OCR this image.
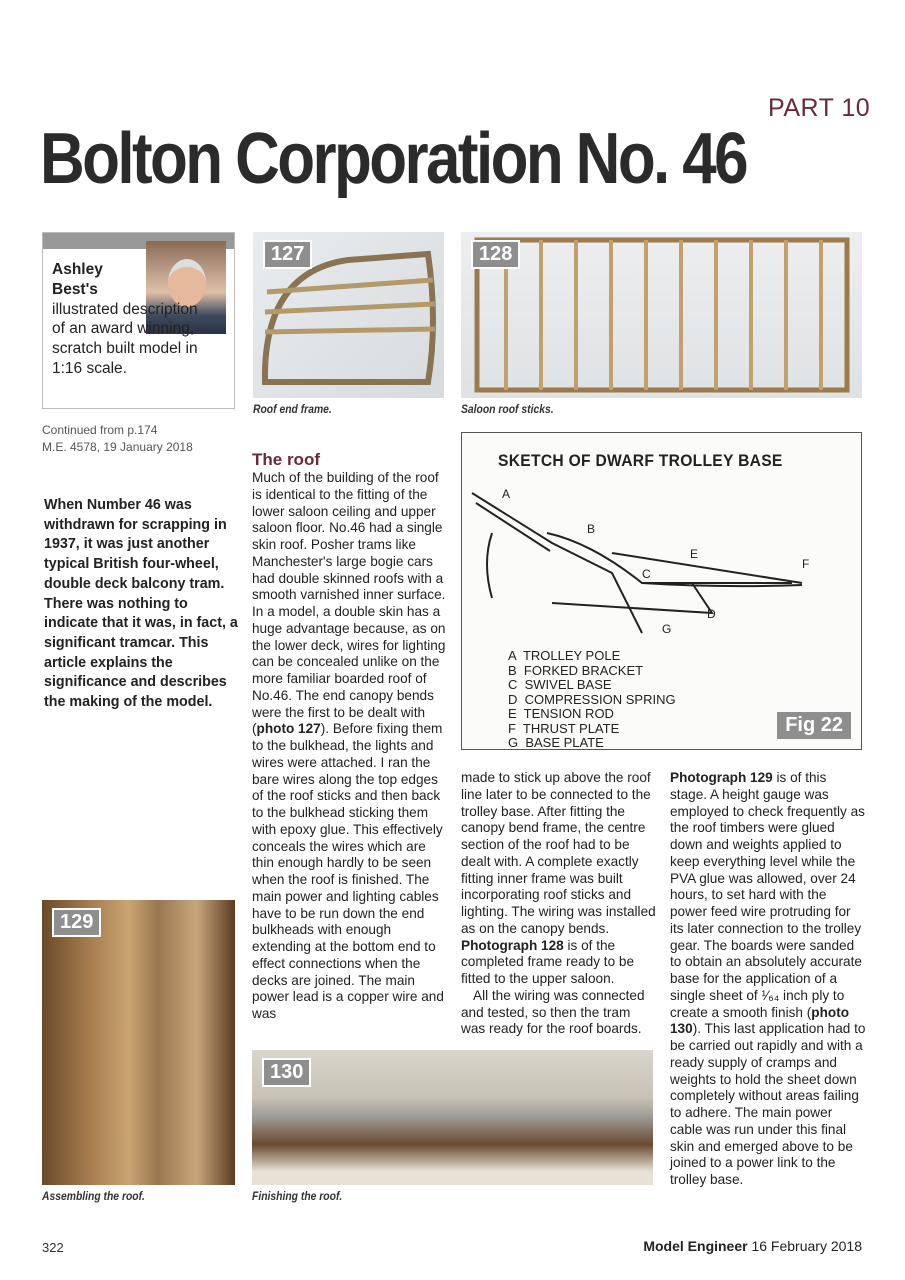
PART 10
Bolton Corporation No. 46
Ashley Best's
illustrated description of an award winning, scratch built model in 1:16 scale.
Continued from p.174
M.E. 4578, 19 January 2018
When Number 46 was withdrawn for scrapping in 1937, it was just another typical British four-wheel, double deck balcony tram. There was nothing to indicate that it was, in fact, a significant tramcar. This article explains the significance and describes the making of the model.
127
Roof end frame.
128
Saloon roof sticks.
SKETCH OF DWARF TROLLEY BASE
A
B
C
D
E
F
G
A  TROLLEY POLE
B  FORKED BRACKET
C  SWIVEL BASE
D  COMPRESSION SPRING
E  TENSION ROD
F  THRUST PLATE
G  BASE PLATE
Fig 22
The roof
Much of the building of the roof is identical to the fitting of the lower saloon ceiling and upper saloon floor. No.46 had a single skin roof. Posher trams like Manchester's large bogie cars had double skinned roofs with a smooth varnished inner surface. In a model, a double skin has a huge advantage because, as on the lower deck, wires for lighting can be concealed unlike on the more familiar boarded roof of No.46. The end canopy bends were the first to be dealt with (photo 127). Before fixing them to the bulkhead, the lights and wires were attached. I ran the bare wires along the top edges of the roof sticks and then back to the bulkhead sticking them with epoxy glue. This effectively conceals the wires which are thin enough hardly to be seen when the roof is finished. The main power and lighting cables have to be run down the end bulkheads with enough extending at the bottom end to effect connections when the decks are joined. The main power lead is a copper wire and was
made to stick up above the roof line later to be connected to the trolley base. After fitting the canopy bend frame, the centre section of the roof had to be dealt with. A complete exactly fitting inner frame was built incorporating roof sticks and lighting. The wiring was installed as on the canopy bends. Photograph 128 is of the completed frame ready to be fitted to the upper saloon.
All the wiring was connected and tested, so then the tram was ready for the roof boards.
Photograph 129 is of this stage. A height gauge was employed to check frequently as the roof timbers were glued down and weights applied to keep everything level while the PVA glue was allowed, over 24 hours, to set hard with the power feed wire protruding for its later connection to the trolley gear. The boards were sanded to obtain an absolutely accurate base for the application of a single sheet of ¹⁄₆₄ inch ply to create a smooth finish (photo 130). This last application had to be carried out rapidly and with a ready supply of cramps and weights to hold the sheet down completely without areas failing to adhere. The main power cable was run under this final skin and emerged above to be joined to a power link to the trolley base.
129
Assembling the roof.
130
Finishing the roof.
322	Model Engineer 16 February 2018
